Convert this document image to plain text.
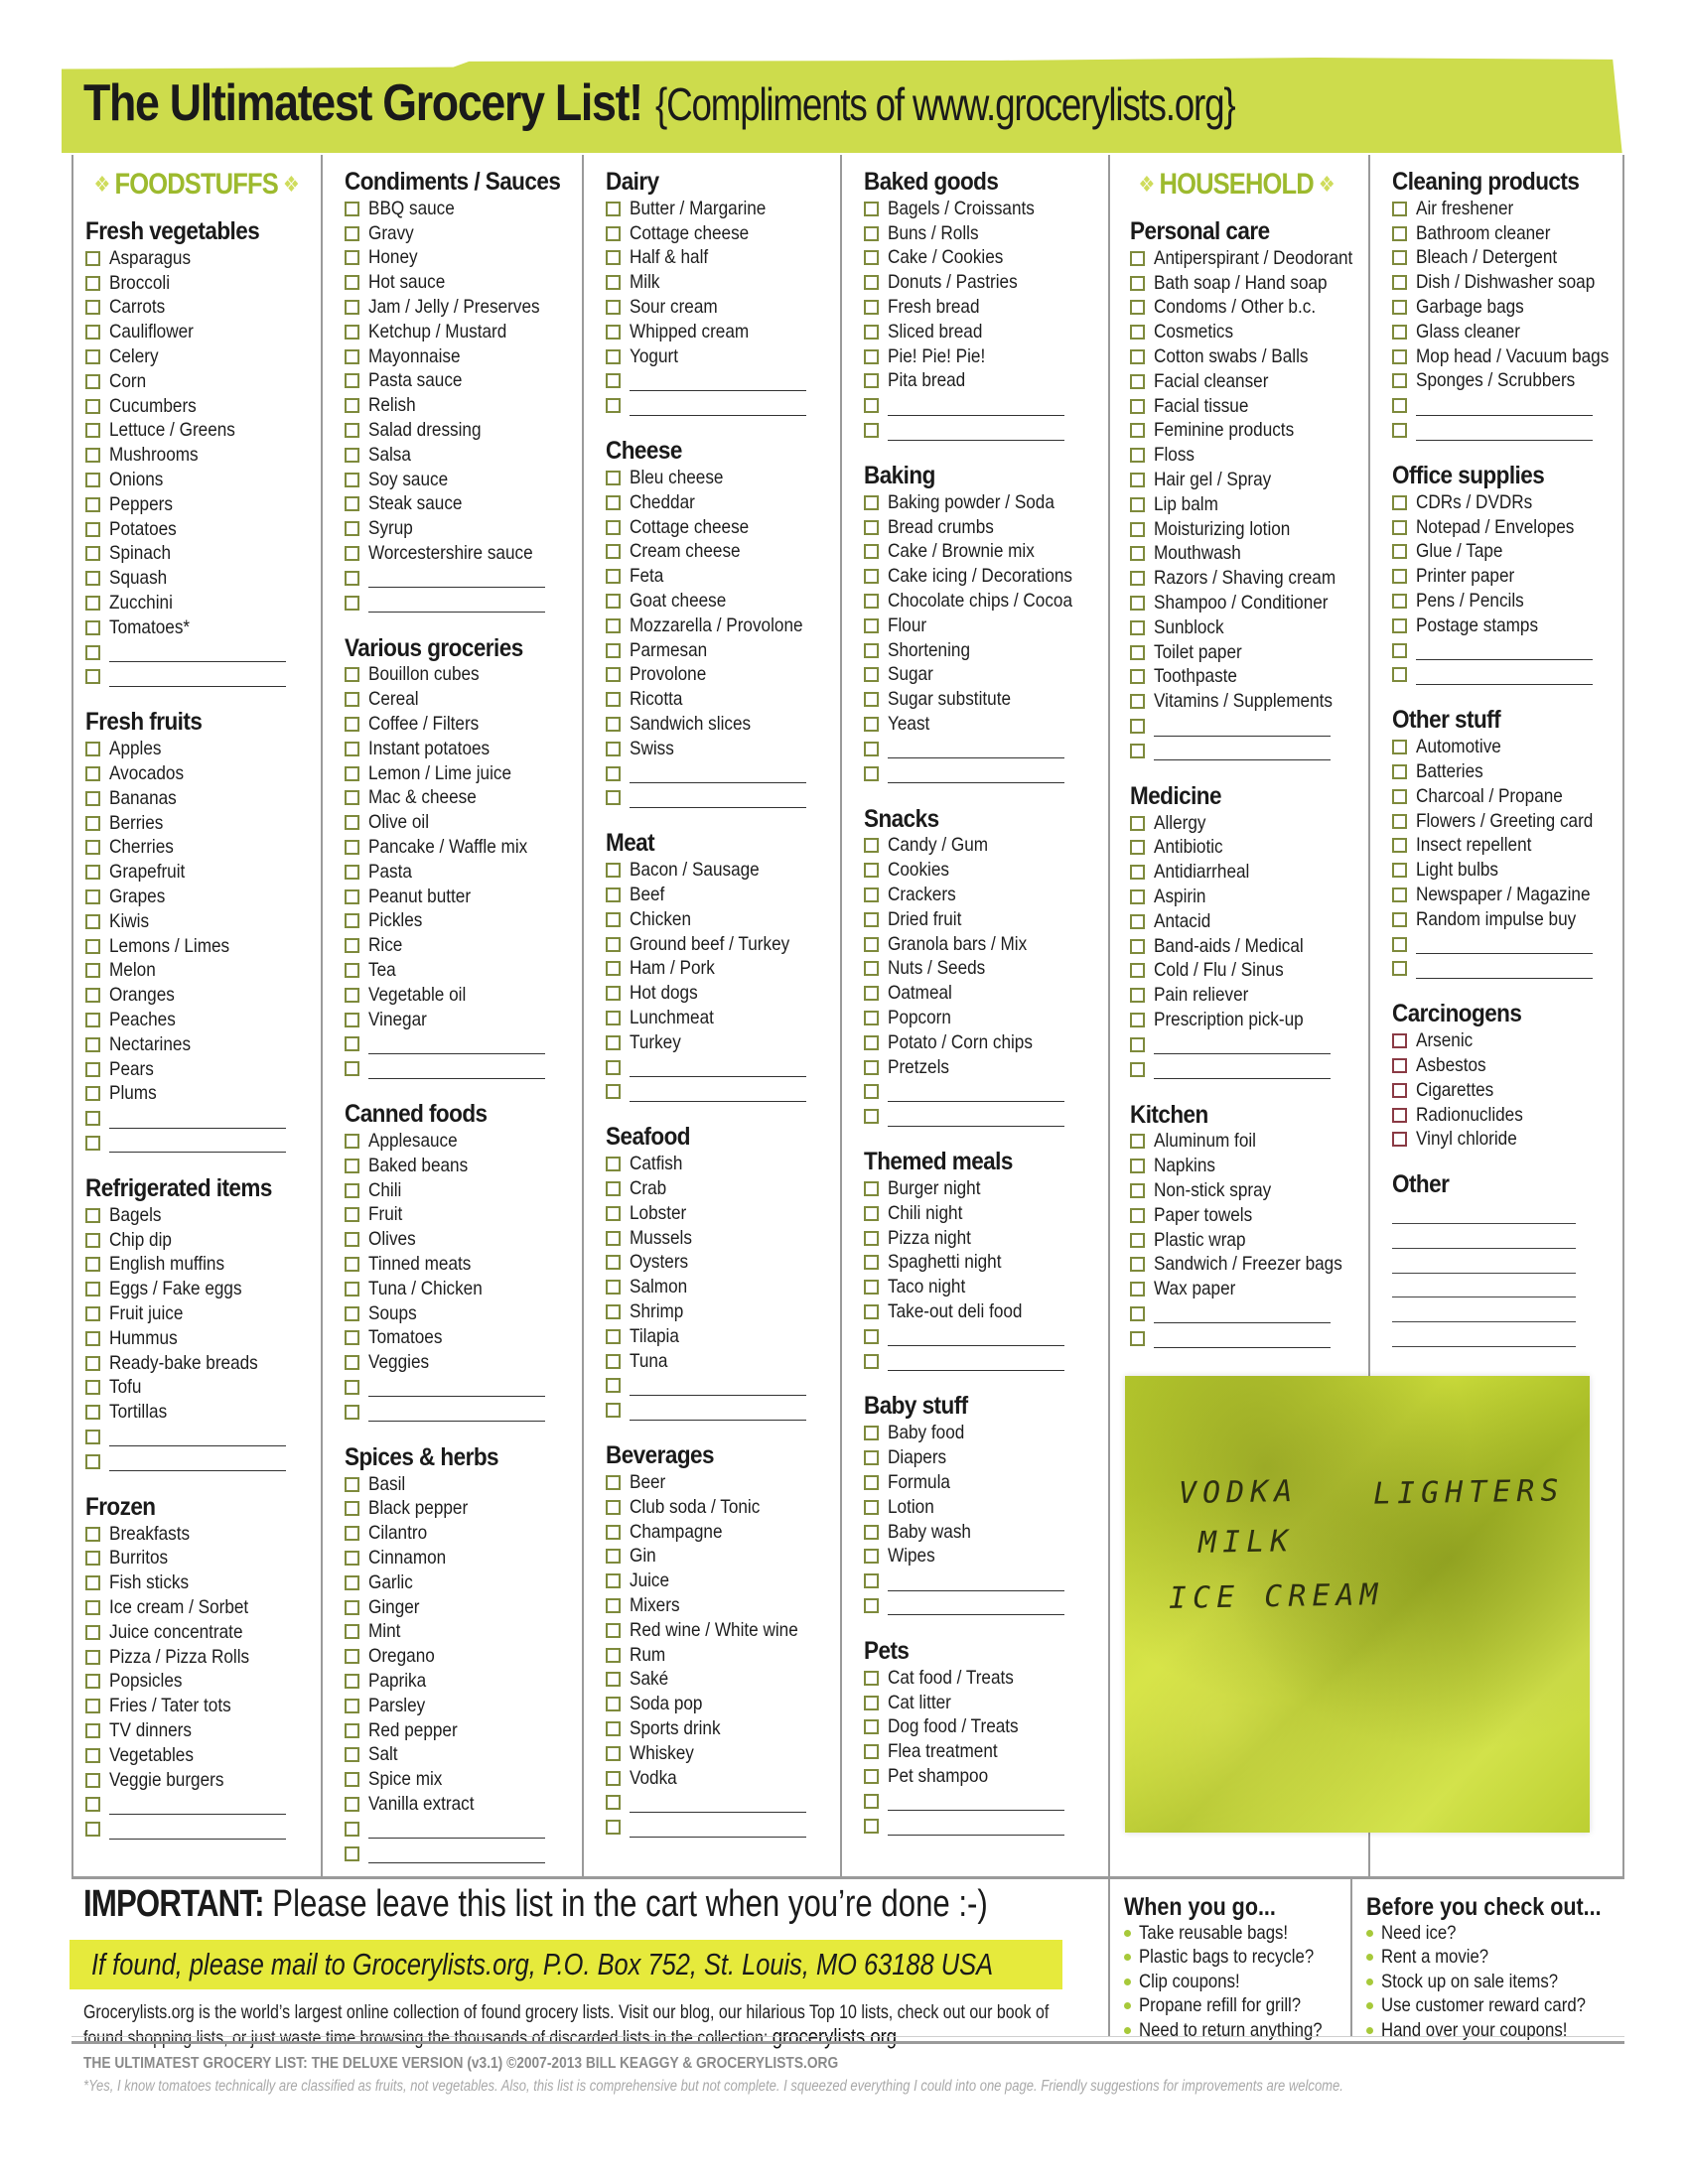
The Ultimatest Grocery List! {Compliments of www.grocerylists.org}
❖ FOODSTUFFS ❖
Fresh vegetables
Asparagus
Broccoli
Carrots
Cauliflower
Celery
Corn
Cucumbers
Lettuce / Greens
Mushrooms
Onions
Peppers
Potatoes
Spinach
Squash
Zucchini
Tomatoes*
Fresh fruits
Apples
Avocados
Bananas
Berries
Cherries
Grapefruit
Grapes
Kiwis
Lemons / Limes
Melon
Oranges
Peaches
Nectarines
Pears
Plums
Refrigerated items
Bagels
Chip dip
English muffins
Eggs / Fake eggs
Fruit juice
Hummus
Ready-bake breads
Tofu
Tortillas
Frozen
Breakfasts
Burritos
Fish sticks
Ice cream / Sorbet
Juice concentrate
Pizza / Pizza Rolls
Popsicles
Fries / Tater tots
TV dinners
Vegetables
Veggie burgers
Condiments / Sauces
BBQ sauce
Gravy
Honey
Hot sauce
Jam / Jelly / Preserves
Ketchup / Mustard
Mayonnaise
Pasta sauce
Relish
Salad dressing
Salsa
Soy sauce
Steak sauce
Syrup
Worcestershire sauce
Various groceries
Bouillon cubes
Cereal
Coffee / Filters
Instant potatoes
Lemon / Lime juice
Mac & cheese
Olive oil
Pancake / Waffle mix
Pasta
Peanut butter
Pickles
Rice
Tea
Vegetable oil
Vinegar
Canned foods
Applesauce
Baked beans
Chili
Fruit
Olives
Tinned meats
Tuna / Chicken
Soups
Tomatoes
Veggies
Spices & herbs
Basil
Black pepper
Cilantro
Cinnamon
Garlic
Ginger
Mint
Oregano
Paprika
Parsley
Red pepper
Salt
Spice mix
Vanilla extract
Dairy
Butter / Margarine
Cottage cheese
Half & half
Milk
Sour cream
Whipped cream
Yogurt
Cheese
Bleu cheese
Cheddar
Cottage cheese
Cream cheese
Feta
Goat cheese
Mozzarella / Provolone
Parmesan
Provolone
Ricotta
Sandwich slices
Swiss
Meat
Bacon / Sausage
Beef
Chicken
Ground beef / Turkey
Ham / Pork
Hot dogs
Lunchmeat
Turkey
Seafood
Catfish
Crab
Lobster
Mussels
Oysters
Salmon
Shrimp
Tilapia
Tuna
Beverages
Beer
Club soda / Tonic
Champagne
Gin
Juice
Mixers
Red wine / White wine
Rum
Saké
Soda pop
Sports drink
Whiskey
Vodka
Baked goods
Bagels / Croissants
Buns / Rolls
Cake / Cookies
Donuts / Pastries
Fresh bread
Sliced bread
Pie! Pie! Pie!
Pita bread
Baking
Baking powder / Soda
Bread crumbs
Cake / Brownie mix
Cake icing / Decorations
Chocolate chips / Cocoa
Flour
Shortening
Sugar
Sugar substitute
Yeast
Snacks
Candy / Gum
Cookies
Crackers
Dried fruit
Granola bars / Mix
Nuts / Seeds
Oatmeal
Popcorn
Potato / Corn chips
Pretzels
Themed meals
Burger night
Chili night
Pizza night
Spaghetti night
Taco night
Take-out deli food
Baby stuff
Baby food
Diapers
Formula
Lotion
Baby wash
Wipes
Pets
Cat food / Treats
Cat litter
Dog food / Treats
Flea treatment
Pet shampoo
❖ HOUSEHOLD ❖
Personal care
Antiperspirant / Deodorant
Bath soap / Hand soap
Condoms / Other b.c.
Cosmetics
Cotton swabs / Balls
Facial cleanser
Facial tissue
Feminine products
Floss
Hair gel / Spray
Lip balm
Moisturizing lotion
Mouthwash
Razors / Shaving cream
Shampoo / Conditioner
Sunblock
Toilet paper
Toothpaste
Vitamins / Supplements
Medicine
Allergy
Antibiotic
Antidiarrheal
Aspirin
Antacid
Band-aids / Medical
Cold / Flu / Sinus
Pain reliever
Prescription pick-up
Kitchen
Aluminum foil
Napkins
Non-stick spray
Paper towels
Plastic wrap
Sandwich / Freezer bags
Wax paper
Cleaning products
Air freshener
Bathroom cleaner
Bleach / Detergent
Dish / Dishwasher soap
Garbage bags
Glass cleaner
Mop head / Vacuum bags
Sponges / Scrubbers
Office supplies
CDRs / DVDRs
Notepad / Envelopes
Glue / Tape
Printer paper
Pens / Pencils
Postage stamps
Other stuff
Automotive
Batteries
Charcoal / Propane
Flowers / Greeting card
Insect repellent
Light bulbs
Newspaper / Magazine
Random impulse buy
Carcinogens
Arsenic
Asbestos
Cigarettes
Radionuclides
Vinyl chloride
Other
VODKA	LIGHTERS
MILK
ICE CREAM
IMPORTANT: Please leave this list in the cart when you’re done :-)
If found, please mail to Grocerylists.org, P.O. Box 752, St. Louis, MO 63188 USA
Grocerylists.org is the world’s largest online collection of found grocery lists. Visit our blog, our hilarious Top 10 lists, check out our book of found shopping lists, or just waste time browsing the thousands of discarded lists in the collection: grocerylists.org.
When you go...
Take reusable bags!
Plastic bags to recycle?
Clip coupons!
Propane refill for grill?
Need to return anything?
Before you check out...
Need ice?
Rent a movie?
Stock up on sale items?
Use customer reward card?
Hand over your coupons!
THE ULTIMATEST GROCERY LIST: THE DELUXE VERSION (v3.1) ©2007-2013 BILL KEAGGY & GROCERYLISTS.ORG
*Yes, I know tomatoes technically are classified as fruits, not vegetables. Also, this list is comprehensive but not complete. I squeezed everything I could into one page. Friendly suggestions for improvements are welcome.
